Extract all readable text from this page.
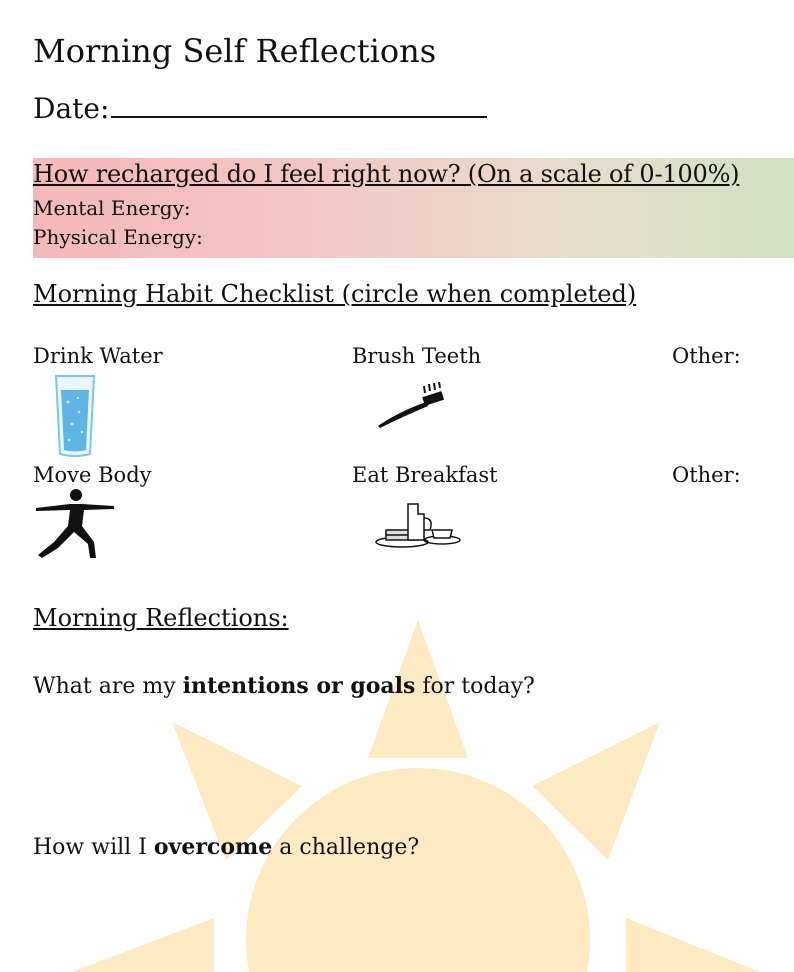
Morning Self Reflections
Date:
How recharged do I feel right now? (On a scale of 0-100%)
Mental Energy:
Physical Energy:
Morning Habit Checklist (circle when completed)
Drink Water	Brush Teeth	Other:
Move Body	Eat Breakfast	Other:
Morning Reflections:
What are my intentions or goals for today?
How will I overcome a challenge?
